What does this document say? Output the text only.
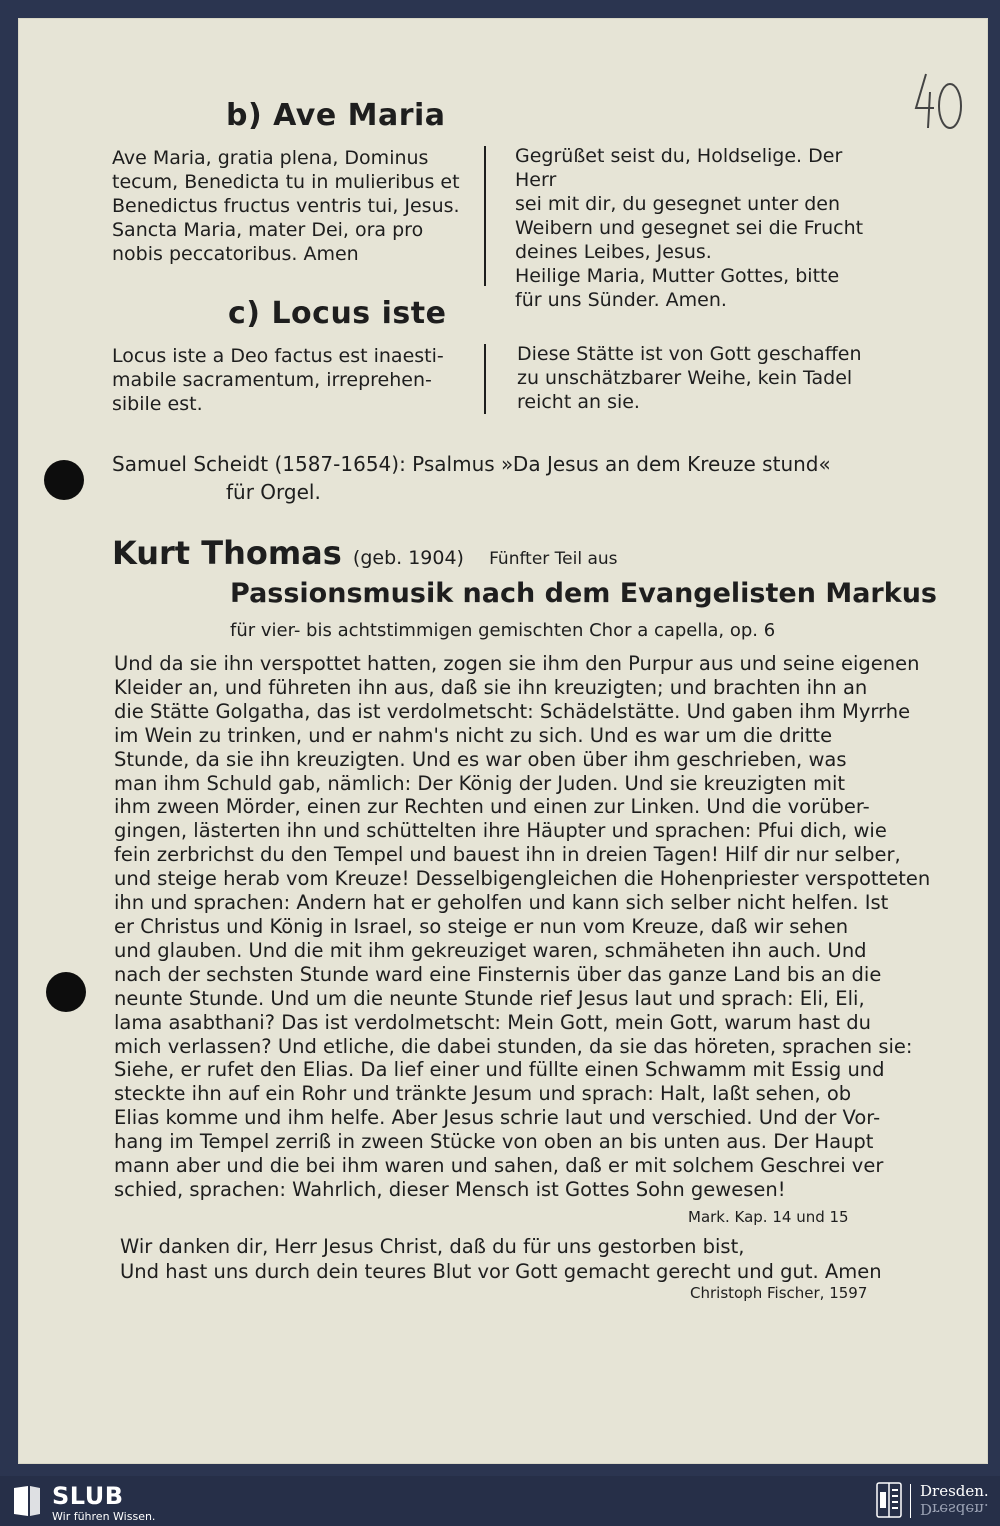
b) Ave Maria
Ave Maria, gratia plena, Dominus
tecum, Benedicta tu in mulieribus et
Benedictus fructus ventris tui, Jesus.
Sancta Maria, mater Dei, ora pro
nobis peccatoribus. Amen
Gegrüßet seist du, Holdselige. Der Herr
sei mit dir, du gesegnet unter den
Weibern und gesegnet sei die Frucht
deines Leibes, Jesus.
Heilige Maria, Mutter Gottes, bitte
für uns Sünder. Amen.
c) Locus iste
Locus iste a Deo factus est inaesti-
mabile sacramentum, irreprehen-
sibile est.
Diese Stätte ist von Gott geschaffen
zu unschätzbarer Weihe, kein Tadel
reicht an sie.
Samuel Scheidt (1587-1654): Psalmus »Da Jesus an dem Kreuze stund«
für Orgel.
Kurt Thomas (geb. 1904) Fünfter Teil aus
Passionsmusik nach dem Evangelisten Markus
für vier- bis achtstimmigen gemischten Chor a capella, op. 6
Und da sie ihn verspottet hatten, zogen sie ihm den Purpur aus und seine eigenen
Kleider an, und führeten ihn aus, daß sie ihn kreuzigten; und brachten ihn an
die Stätte Golgatha, das ist verdolmetscht: Schädelstätte. Und gaben ihm Myrrhe
im Wein zu trinken, und er nahm's nicht zu sich. Und es war um die dritte
Stunde, da sie ihn kreuzigten. Und es war oben über ihm geschrieben, was
man ihm Schuld gab, nämlich: Der König der Juden. Und sie kreuzigten mit
ihm zween Mörder, einen zur Rechten und einen zur Linken. Und die vorüber-
gingen, lästerten ihn und schüttelten ihre Häupter und sprachen: Pfui dich, wie
fein zerbrichst du den Tempel und bauest ihn in dreien Tagen! Hilf dir nur selber,
und steige herab vom Kreuze! Desselbigengleichen die Hohenpriester verspotteten
ihn und sprachen: Andern hat er geholfen und kann sich selber nicht helfen. Ist
er Christus und König in Israel, so steige er nun vom Kreuze, daß wir sehen
und glauben. Und die mit ihm gekreuziget waren, schmäheten ihn auch. Und
nach der sechsten Stunde ward eine Finsternis über das ganze Land bis an die
neunte Stunde. Und um die neunte Stunde rief Jesus laut und sprach: Eli, Eli,
lama asabthani? Das ist verdolmetscht: Mein Gott, mein Gott, warum hast du
mich verlassen? Und etliche, die dabei stunden, da sie das höreten, sprachen sie:
Siehe, er rufet den Elias. Da lief einer und füllte einen Schwamm mit Essig und
steckte ihn auf ein Rohr und tränkte Jesum und sprach: Halt, laßt sehen, ob
Elias komme und ihm helfe. Aber Jesus schrie laut und verschied. Und der Vor-
hang im Tempel zerriß in zween Stücke von oben an bis unten aus. Der Haupt
mann aber und die bei ihm waren und sahen, daß er mit solchem Geschrei ver
schied, sprachen: Wahrlich, dieser Mensch ist Gottes Sohn gewesen!
Mark. Kap. 14 und 15
Wir danken dir, Herr Jesus Christ, daß du für uns gestorben bist,
Und hast uns durch dein teures Blut vor Gott gemacht gerecht und gut. Amen
Christoph Fischer, 1597
SLUB
Wir führen Wissen.
Dresden.
Dresden.
